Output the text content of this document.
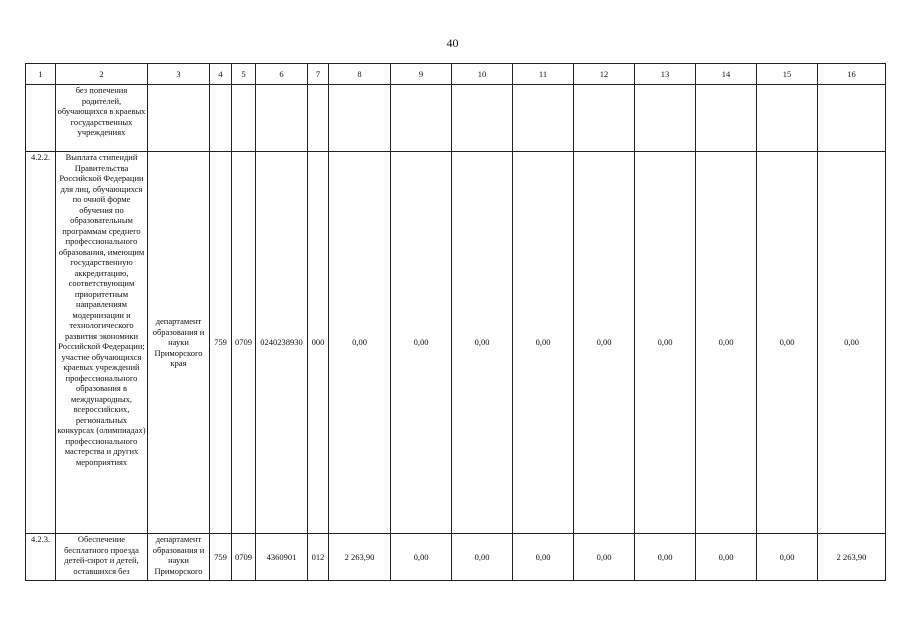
40
1	2	3	4	5	6	7	8	9	10	11	12	13	14	15	16
	без попечения родителей, обучающихся в краевых государственных учреждениях														
4.2.2.	Выплата стипендий Правительства Российской Федерации для лиц, обучающихся по очной форме обучения по образовательным программам среднего профессионального образования, имеющим государственную аккредитацию, соответствующим приоритетным направлениям модернизации и технологического развития экономики Российской Федерации; участие обучающихся краевых учреждений профессионального образования в международных, всероссийских, региональных конкурсах (олимпиадах) профессионального мастерства и других мероприятиях	департамент образования и науки Приморского края	759	0709	0240238930	000	0,00	0,00	0,00	0,00	0,00	0,00	0,00	0,00	0,00
4.2.3.	Обеспечение бесплатного проезда детей-сирот и детей, оставшихся без	департамент образования и науки Приморского	759	0709	4360901	012	2 263,90	0,00	0,00	0,00	0,00	0,00	0,00	0,00	2 263,90
